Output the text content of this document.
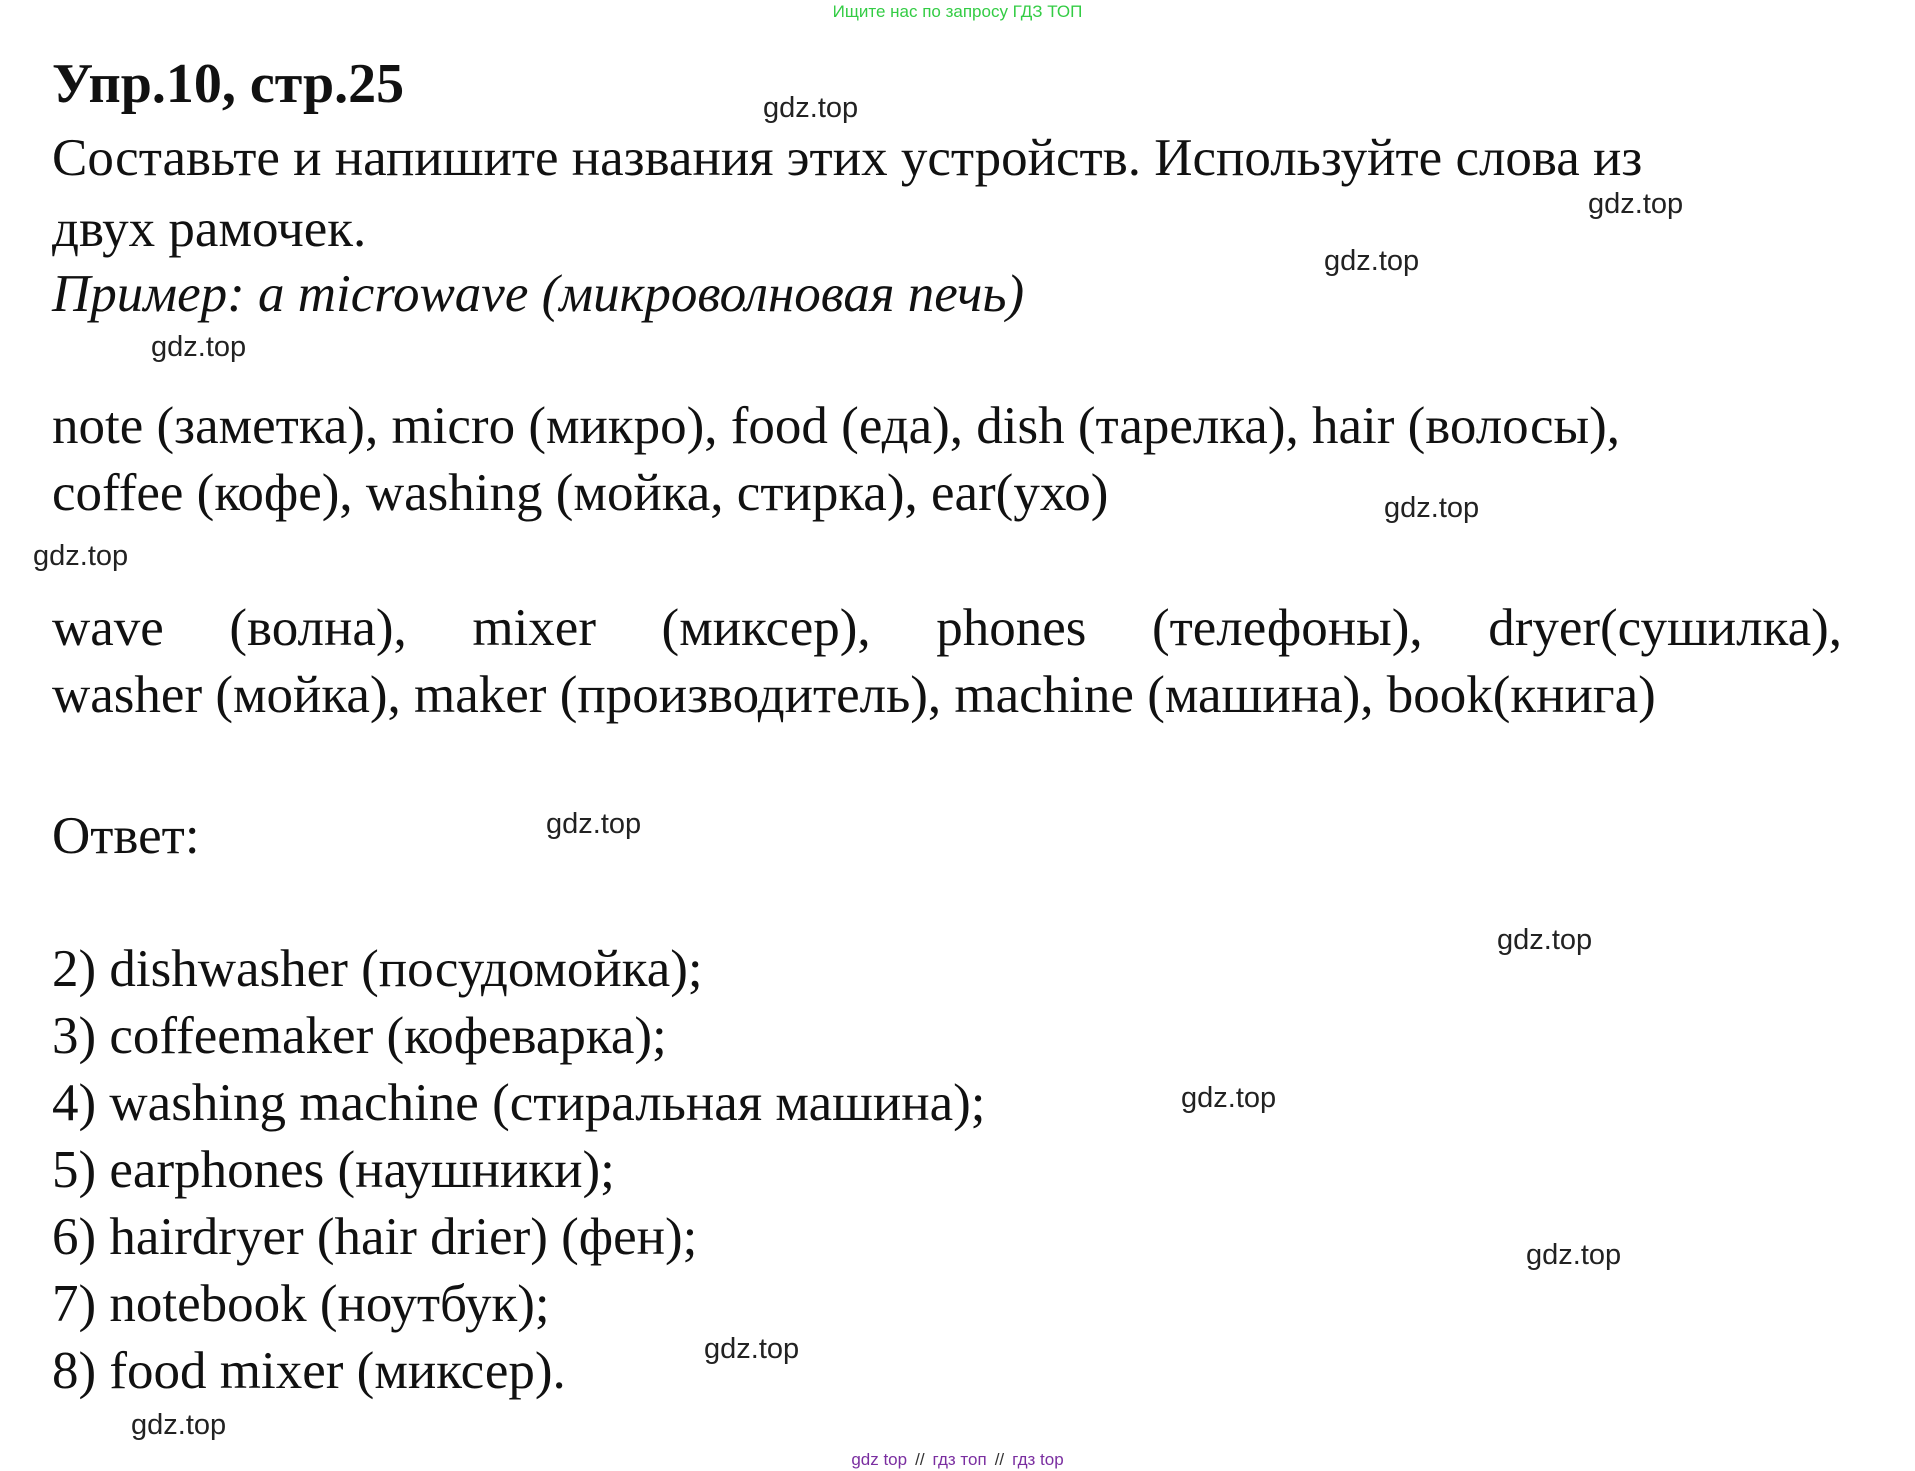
Ищите нас по запросу ГДЗ ТОП
Упр.10, стр.25
Составьте и напишите названия этих устройств. Используйте слова из
двух рамочек.
Пример: a microwave (микроволновая печь)
note (заметка), micro (микро), food (еда), dish (тарелка), hair (волосы),
coffee (кофе), washing (мойка, стирка), ear(ухо)
wave (волна), mixer (миксер), phones (телефоны), dryer(сушилка),
washer (мойка), maker (производитель), machine (машина), book(книга)
Ответ:
2) dishwasher (посудомойка);
3) coffeemaker (кофеварка);
4) washing machine (стиральная машина);
5) earphones (наушники);
6) hairdryer (hair drier) (фен);
7) notebook (ноутбук);
8) food mixer (миксер).
gdz.top
gdz.top
gdz.top
gdz.top
gdz.top
gdz.top
gdz.top
gdz.top
gdz.top
gdz.top
gdz.top
gdz.top
gdz top // гдз топ // гдз top
